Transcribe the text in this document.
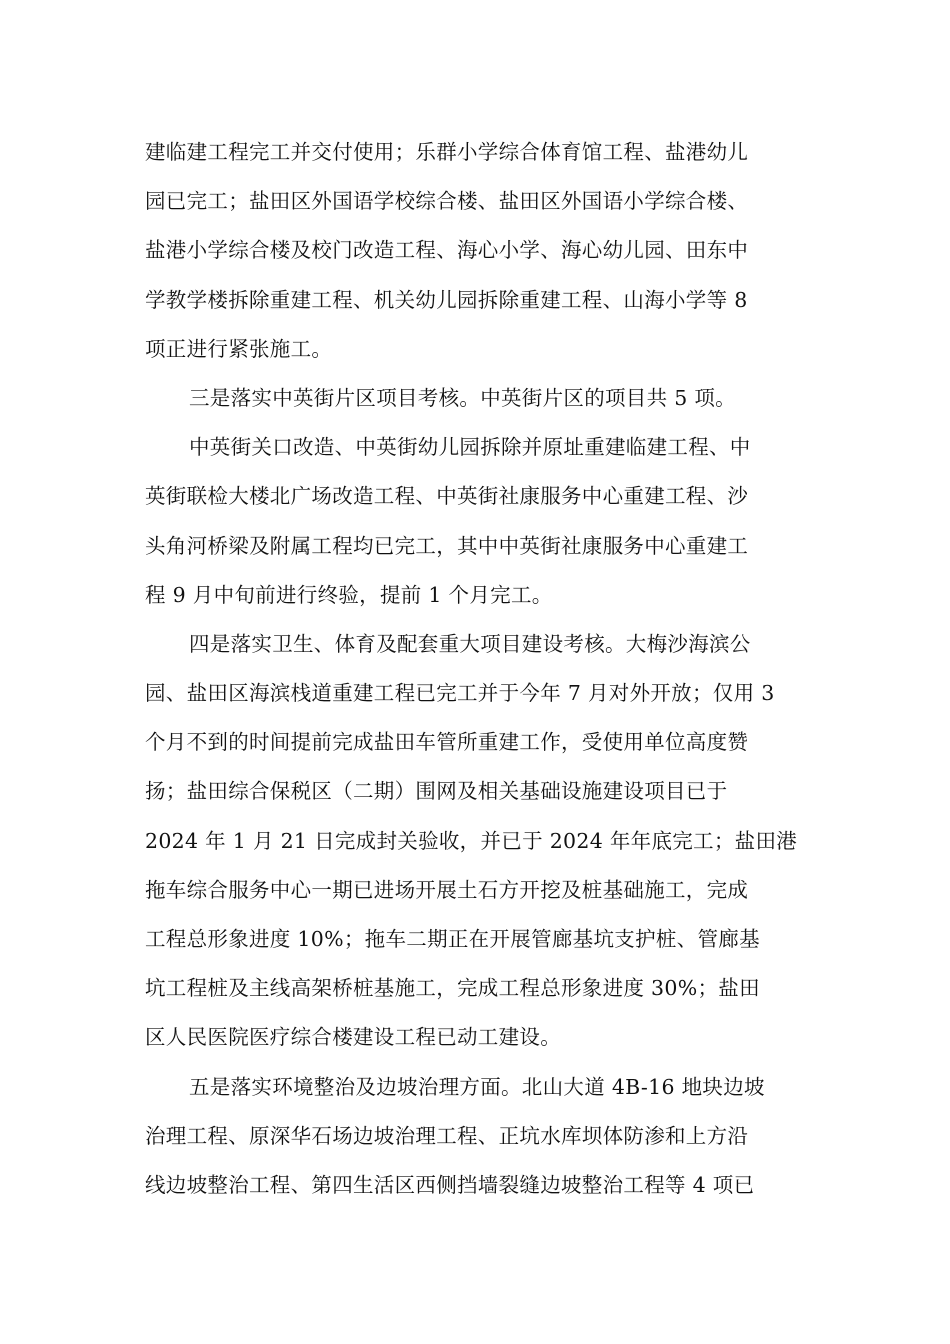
建临建工程完工并交付使用；乐群小学综合体育馆工程、盐港幼儿
园已完工；盐田区外国语学校综合楼、盐田区外国语小学综合楼、
盐港小学综合楼及校门改造工程、海心小学、海心幼儿园、田东中
学教学楼拆除重建工程、机关幼儿园拆除重建工程、山海小学等 8
项正进行紧张施工。
三是落实中英街片区项目考核。中英街片区的项目共 5 项。
中英街关口改造、中英街幼儿园拆除并原址重建临建工程、中
英街联检大楼北广场改造工程、中英街社康服务中心重建工程、沙
头角河桥梁及附属工程均已完工，其中中英街社康服务中心重建工
程 9 月中旬前进行终验，提前 1 个月完工。
四是落实卫生、体育及配套重大项目建设考核。大梅沙海滨公
园、盐田区海滨栈道重建工程已完工并于今年 7 月对外开放；仅用 3
个月不到的时间提前完成盐田车管所重建工作，受使用单位高度赞
扬；盐田综合保税区（二期）围网及相关基础设施建设项目已于
2024 年 1 月 21 日完成封关验收，并已于 2024 年年底完工；盐田港
拖车综合服务中心一期已进场开展土石方开挖及桩基础施工，完成
工程总形象进度 10%；拖车二期正在开展管廊基坑支护桩、管廊基
坑工程桩及主线高架桥桩基施工，完成工程总形象进度 30%；盐田
区人民医院医疗综合楼建设工程已动工建设。
五是落实环境整治及边坡治理方面。北山大道 4B-16 地块边坡
治理工程、原深华石场边坡治理工程、正坑水库坝体防渗和上方沿
线边坡整治工程、第四生活区西侧挡墙裂缝边坡整治工程等 4 项已
